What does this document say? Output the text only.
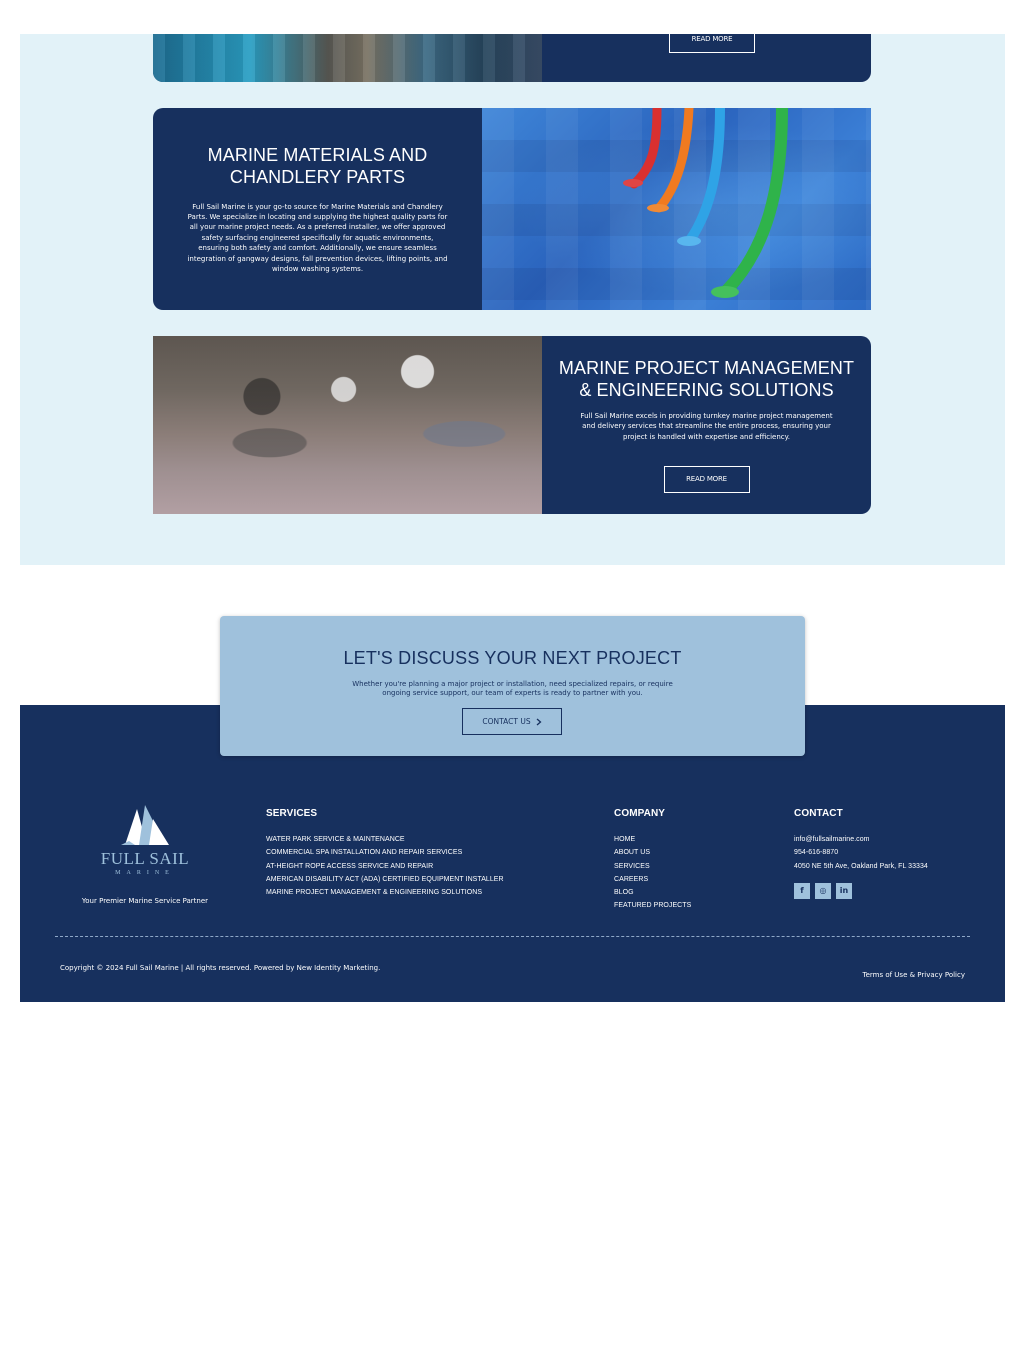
READ MORE
MARINE MATERIALS AND CHANDLERY PARTS

Full Sail Marine is your go-to source for Marine Materials and Chandlery Parts. We specialize in locating and supplying the highest quality parts for all your marine project needs. As a preferred installer, we offer approved safety surfacing engineered specifically for aquatic environments, ensuring both safety and comfort. Additionally, we ensure seamless integration of gangway designs, fall prevention devices, lifting points, and window washing systems.

MARINE PROJECT MANAGEMENT & ENGINEERING SOLUTIONS

Full Sail Marine excels in providing turnkey marine project management and delivery services that streamline the entire process, ensuring your project is handled with expertise and efficiency.

READ MORE
LET'S DISCUSS YOUR NEXT PROJECT

Whether you're planning a major project or installation, need specialized repairs, or require ongoing service support, our team of experts is ready to partner with you.

CONTACT US
FULL SAIL
MARINE
Your Premier Marine Service Partner
SERVICES
WATER PARK SERVICE & MAINTENANCE
COMMERCIAL SPA INSTALLATION AND REPAIR SERVICES
AT-HEIGHT ROPE ACCESS SERVICE AND REPAIR
AMERICAN DISABILITY ACT (ADA) CERTIFIED EQUIPMENT INSTALLER
MARINE PROJECT MANAGEMENT & ENGINEERING SOLUTIONS
COMPANY
HOME
ABOUT US
SERVICES
CAREERS
BLOG
FEATURED PROJECTS
CONTACT
info@fullsailmarine.com
954-616-8870
4050 NE 5th Ave, Oakland Park, FL 33334
f	◎	in
Copyright © 2024 Full Sail Marine | All rights reserved. Powered by New Identity Marketing.
Terms of Use & Privacy Policy
